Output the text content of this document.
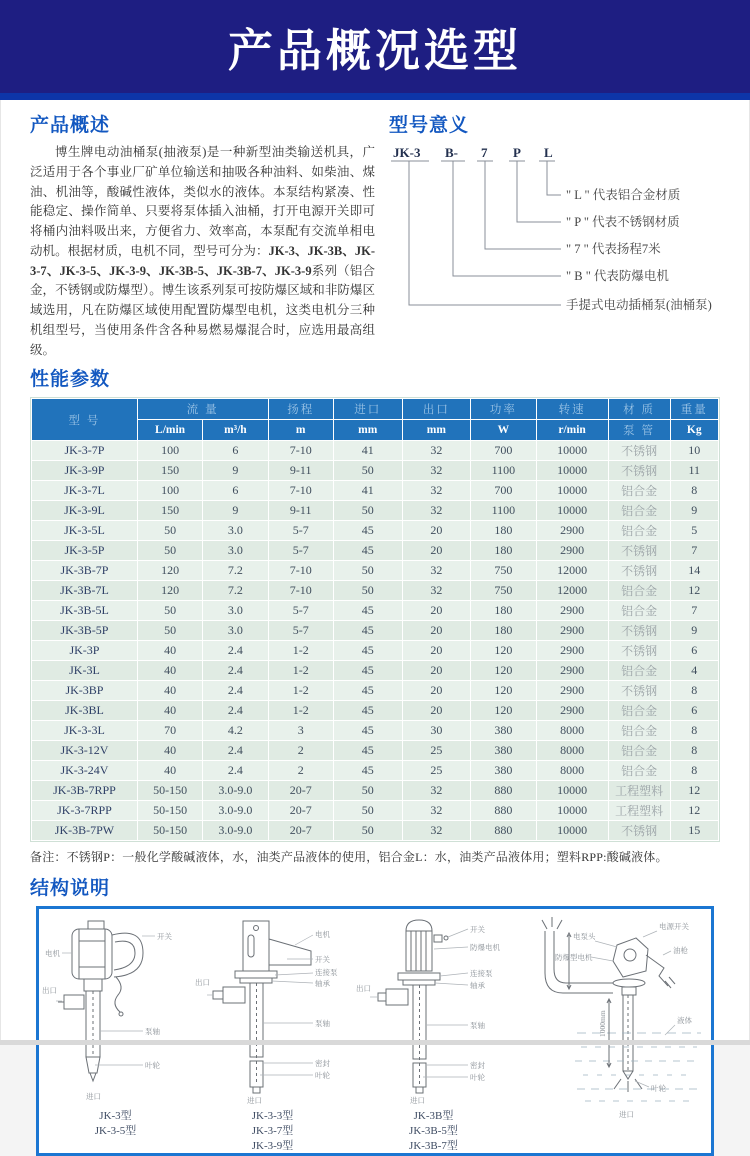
产品概况选型
产品概述

博生牌电动油桶泵(抽液泵)是一种新型油类输送机具，广泛适用于各个事业厂矿单位输送和抽吸各种油料、如柴油、煤油、机油等，酸碱性液体，类似水的液体。本泵结构紧凑、性能稳定、操作简单、只要将泵体插入油桶，打开电源开关即可将桶内油料吸出来，方便省力、效率高，本泵配有交流单相电动机。根据材质，电机不同，型号可分为：JK-3、JK-3B、JK-3-7、JK-3-5、JK-3-9、JK-3B-5、JK-3B-7、JK-3-9系列（铝合金，不锈钢或防爆型）。博生该系列泵可按防爆区域和非防爆区域选用，凡在防爆区域使用配置防爆型电机，这类电机分三种机组型号，当使用条件含各种易燃易爆混合时，应选用最高组级。

型号意义
JK-3 B- 7 P L
" L " 代表铝合金材质
" P " 代表不锈钢材质
" 7 " 代表扬程7米
" B " 代表防爆电机
手提式电动插桶泵(油桶泵)
性能参数
型 号	流 量		扬程	进口	出口	功率	转速	材 质	重量
	L/min	m³/h	m	mm	mm	W	r/min	泵 管	Kg
JK-3-7P	100	6	7-10	41	32	700	10000	不锈钢	10
JK-3-9P	150	9	9-11	50	32	1100	10000	不锈钢	11
JK-3-7L	100	6	7-10	41	32	700	10000	铝合金	8
JK-3-9L	150	9	9-11	50	32	1100	10000	铝合金	9
JK-3-5L	50	3.0	5-7	45	20	180	2900	铝合金	5
JK-3-5P	50	3.0	5-7	45	20	180	2900	不锈钢	7
JK-3B-7P	120	7.2	7-10	50	32	750	12000	不锈钢	14
JK-3B-7L	120	7.2	7-10	50	32	750	12000	铝合金	12
JK-3B-5L	50	3.0	5-7	45	20	180	2900	铝合金	7
JK-3B-5P	50	3.0	5-7	45	20	180	2900	不锈钢	9
JK-3P	40	2.4	1-2	45	20	120	2900	不锈钢	6
JK-3L	40	2.4	1-2	45	20	120	2900	铝合金	4
JK-3BP	40	2.4	1-2	45	20	120	2900	不锈钢	8
JK-3BL	40	2.4	1-2	45	20	120	2900	铝合金	6
JK-3-3L	70	4.2	3	45	30	380	8000	铝合金	8
JK-3-12V	40	2.4	2	45	25	380	8000	铝合金	8
JK-3-24V	40	2.4	2	45	25	380	8000	铝合金	8
JK-3B-7RPP	50-150	3.0-9.0	20-7	50	32	880	10000	工程塑料	12
JK-3-7RPP	50-150	3.0-9.0	20-7	50	32	880	10000	工程塑料	12
JK-3B-7PW	50-150	3.0-9.0	20-7	50	32	880	10000	不锈钢	15
备注：不锈钢P：一般化学酸碱液体，水，油类产品液体的使用，铝合金L：水，油类产品液体用；塑料RPP:酸碱液体。
结构说明
电机
开关
出口
泵轴
叶轮
进口
JK-3型
JK-3-5型
电机
开关
连接泵
轴承
出口
泵轴
密封
叶轮
进口
JK-3-3型
JK-3-7型
JK-3-9型
开关
防爆电机
连接泵
轴承
出口
泵轴
密封
叶轮
进口
JK-3B型
JK-3B-5型
JK-3B-7型
电泵头
防爆型电机
电源开关
油枪
液体
1000mm
叶轮
进口
